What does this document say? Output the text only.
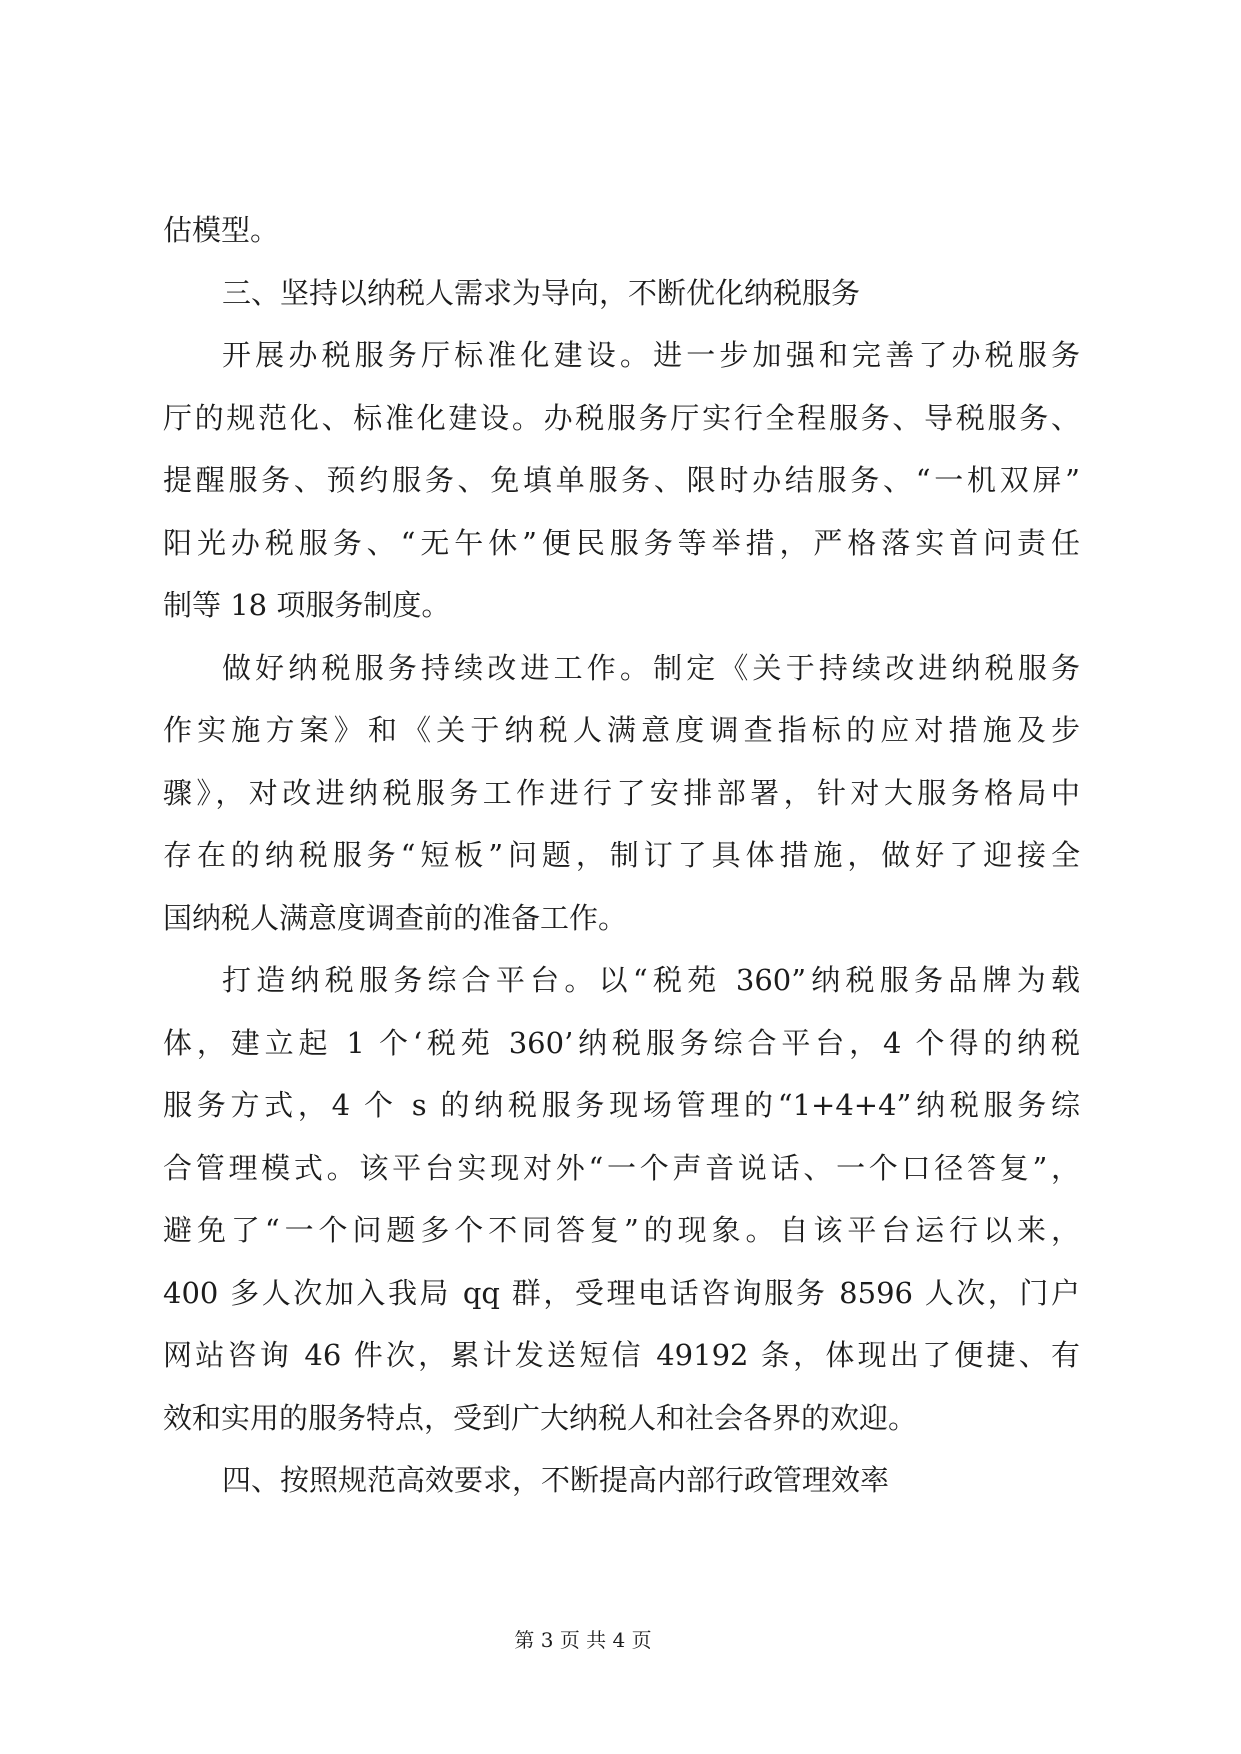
估模型。
三、坚持以纳税人需求为导向，不断优化纳税服务
开展办税服务厅标准化建设。进一步加强和完善了办税服务
厅的规范化、标准化建设。办税服务厅实行全程服务、导税服务、
提醒服务、预约服务、免填单服务、限时办结服务、“一机双屏”
阳光办税服务、“无午休”便民服务等举措，严格落实首问责任
制等 18 项服务制度。
做好纳税服务持续改进工作。制定《关于持续改进纳税服务
作实施方案》和《关于纳税人满意度调查指标的应对措施及步
骤》，对改进纳税服务工作进行了安排部署，针对大服务格局中
存在的纳税服务“短板”问题，制订了具体措施，做好了迎接全
国纳税人满意度调查前的准备工作。
打造纳税服务综合平台。以“税苑 360”纳税服务品牌为载
体，建立起 1 个‘税苑 360’纳税服务综合平台，4 个得的纳税
服务方式，4 个 s 的纳税服务现场管理的“1+4+4”纳税服务综
合管理模式。该平台实现对外“一个声音说话、一个口径答复”，
避免了“一个问题多个不同答复”的现象。自该平台运行以来，
400 多人次加入我局 qq 群，受理电话咨询服务 8596 人次，门户
网站咨询 46 件次，累计发送短信 49192 条，体现出了便捷、有
效和实用的服务特点，受到广大纳税人和社会各界的欢迎。
四、按照规范高效要求，不断提高内部行政管理效率
第 3 页 共 4 页
